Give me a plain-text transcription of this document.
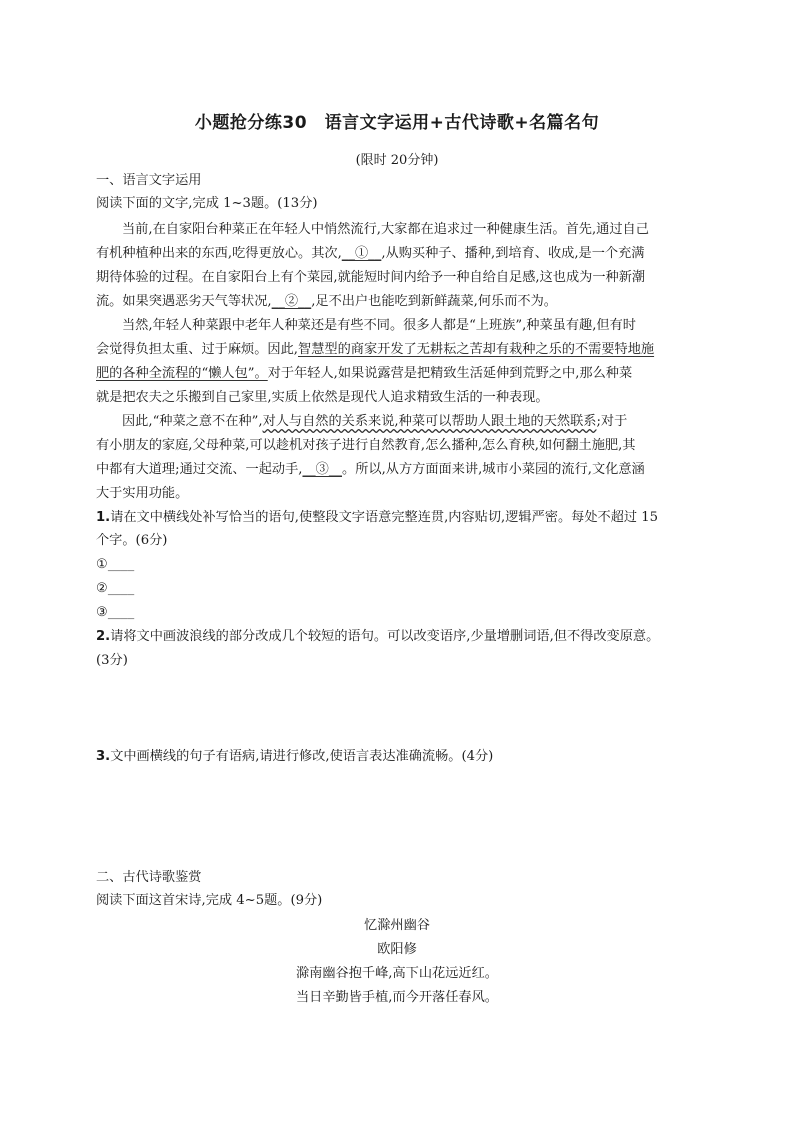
小题抢分练30　语言文字运用+古代诗歌+名篇名句
(限时 20分钟)
一、语言文字运用
阅读下面的文字,完成 1~3题。(13分)
当前,在自家阳台种菜正在年轻人中悄然流行,大家都在追求过一种健康生活。首先,通过自己
有机种植种出来的东西,吃得更放心。其次,__①__,从购买种子、播种,到培育、收成,是一个充满
期待体验的过程。在自家阳台上有个菜园,就能短时间内给予一种自给自足感,这也成为一种新潮
流。如果突遇恶劣天气等状况,__②__,足不出户也能吃到新鲜蔬菜,何乐而不为。
当然,年轻人种菜跟中老年人种菜还是有些不同。很多人都是“上班族”,种菜虽有趣,但有时
会觉得负担太重、过于麻烦。因此,智慧型的商家开发了无耕耘之苦却有栽种之乐的不需要特地施
肥的各种全流程的“懒人包”。对于年轻人,如果说露营是把精致生活延伸到荒野之中,那么种菜
就是把农夫之乐搬到自己家里,实质上依然是现代人追求精致生活的一种表现。
因此,“种菜之意不在种”,对人与自然的关系来说,种菜可以帮助人跟土地的天然联系;对于
有小朋友的家庭,父母种菜,可以趁机对孩子进行自然教育,怎么播种,怎么育秧,如何翻土施肥,其
中都有大道理;通过交流、一起动手,__③__。所以,从方方面面来讲,城市小菜园的流行,文化意涵
大于实用功能。
1.请在文中横线处补写恰当的语句,使整段文字语意完整连贯,内容贴切,逻辑严密。每处不超过 15
个字。(6分)
①____
②____
③____
2.请将文中画波浪线的部分改成几个较短的语句。可以改变语序,少量增删词语,但不得改变原意。
(3分)
3.文中画横线的句子有语病,请进行修改,使语言表达准确流畅。(4分)
二、古代诗歌鉴赏
阅读下面这首宋诗,完成 4~5题。(9分)
忆滁州幽谷
欧阳修
滁南幽谷抱千峰,高下山花远近红。
当日辛勤皆手植,而今开落任春风。
